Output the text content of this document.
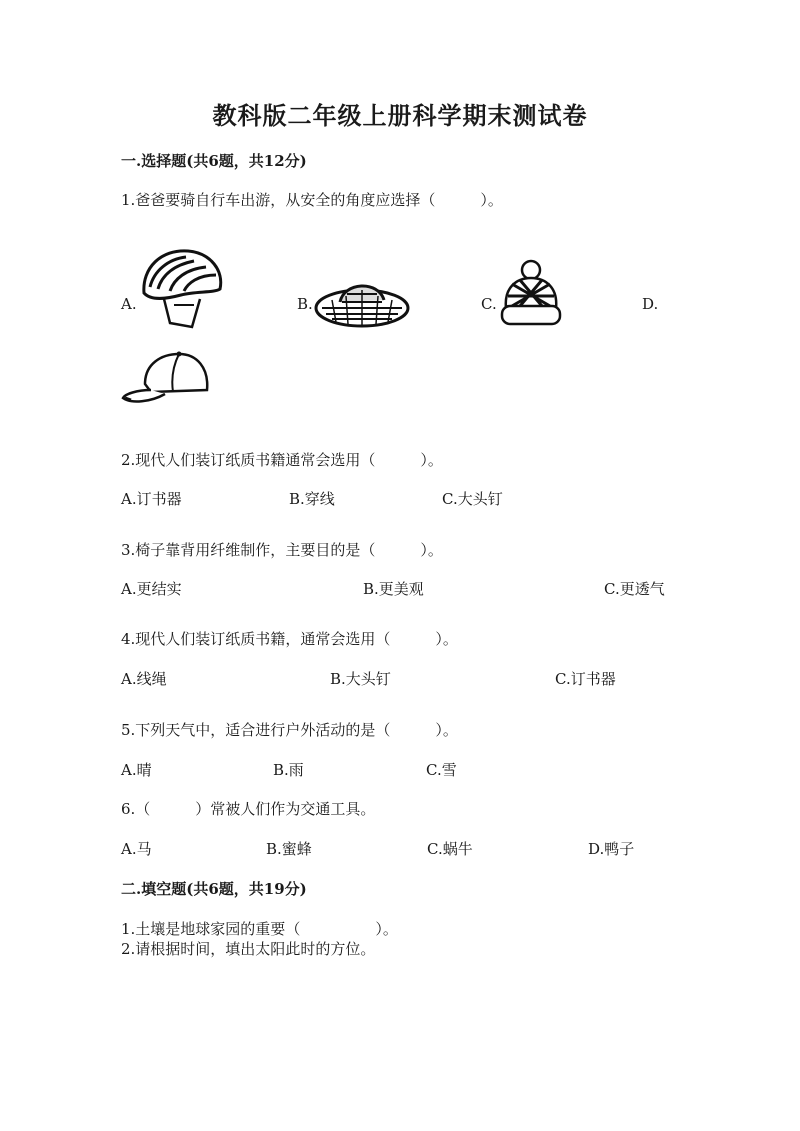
教科版二年级上册科学期末测试卷
一.选择题(共6题，共12分)
1.爸爸要骑自行车出游，从安全的角度应选择（　　　）。
A.	B.	C.	D.
2.现代人们装订纸质书籍通常会选用（　　　）。
A.订书器	B.穿线	C.大头钉
3.椅子靠背用纤维制作，主要目的是（　　　）。
A.更结实	B.更美观	C.更透气
4.现代人们装订纸质书籍，通常会选用（　　　）。
A.线绳	B.大头钉	C.订书器
5.下列天气中，适合进行户外活动的是（　　　）。
A.晴	B.雨	C.雪
6.（　　　）常被人们作为交通工具。
A.马	B.蜜蜂	C.蜗牛	D.鸭子
二.填空题(共6题，共19分)
1.土壤是地球家园的重要（　　　　　）。
2.请根据时间，填出太阳此时的方位。
